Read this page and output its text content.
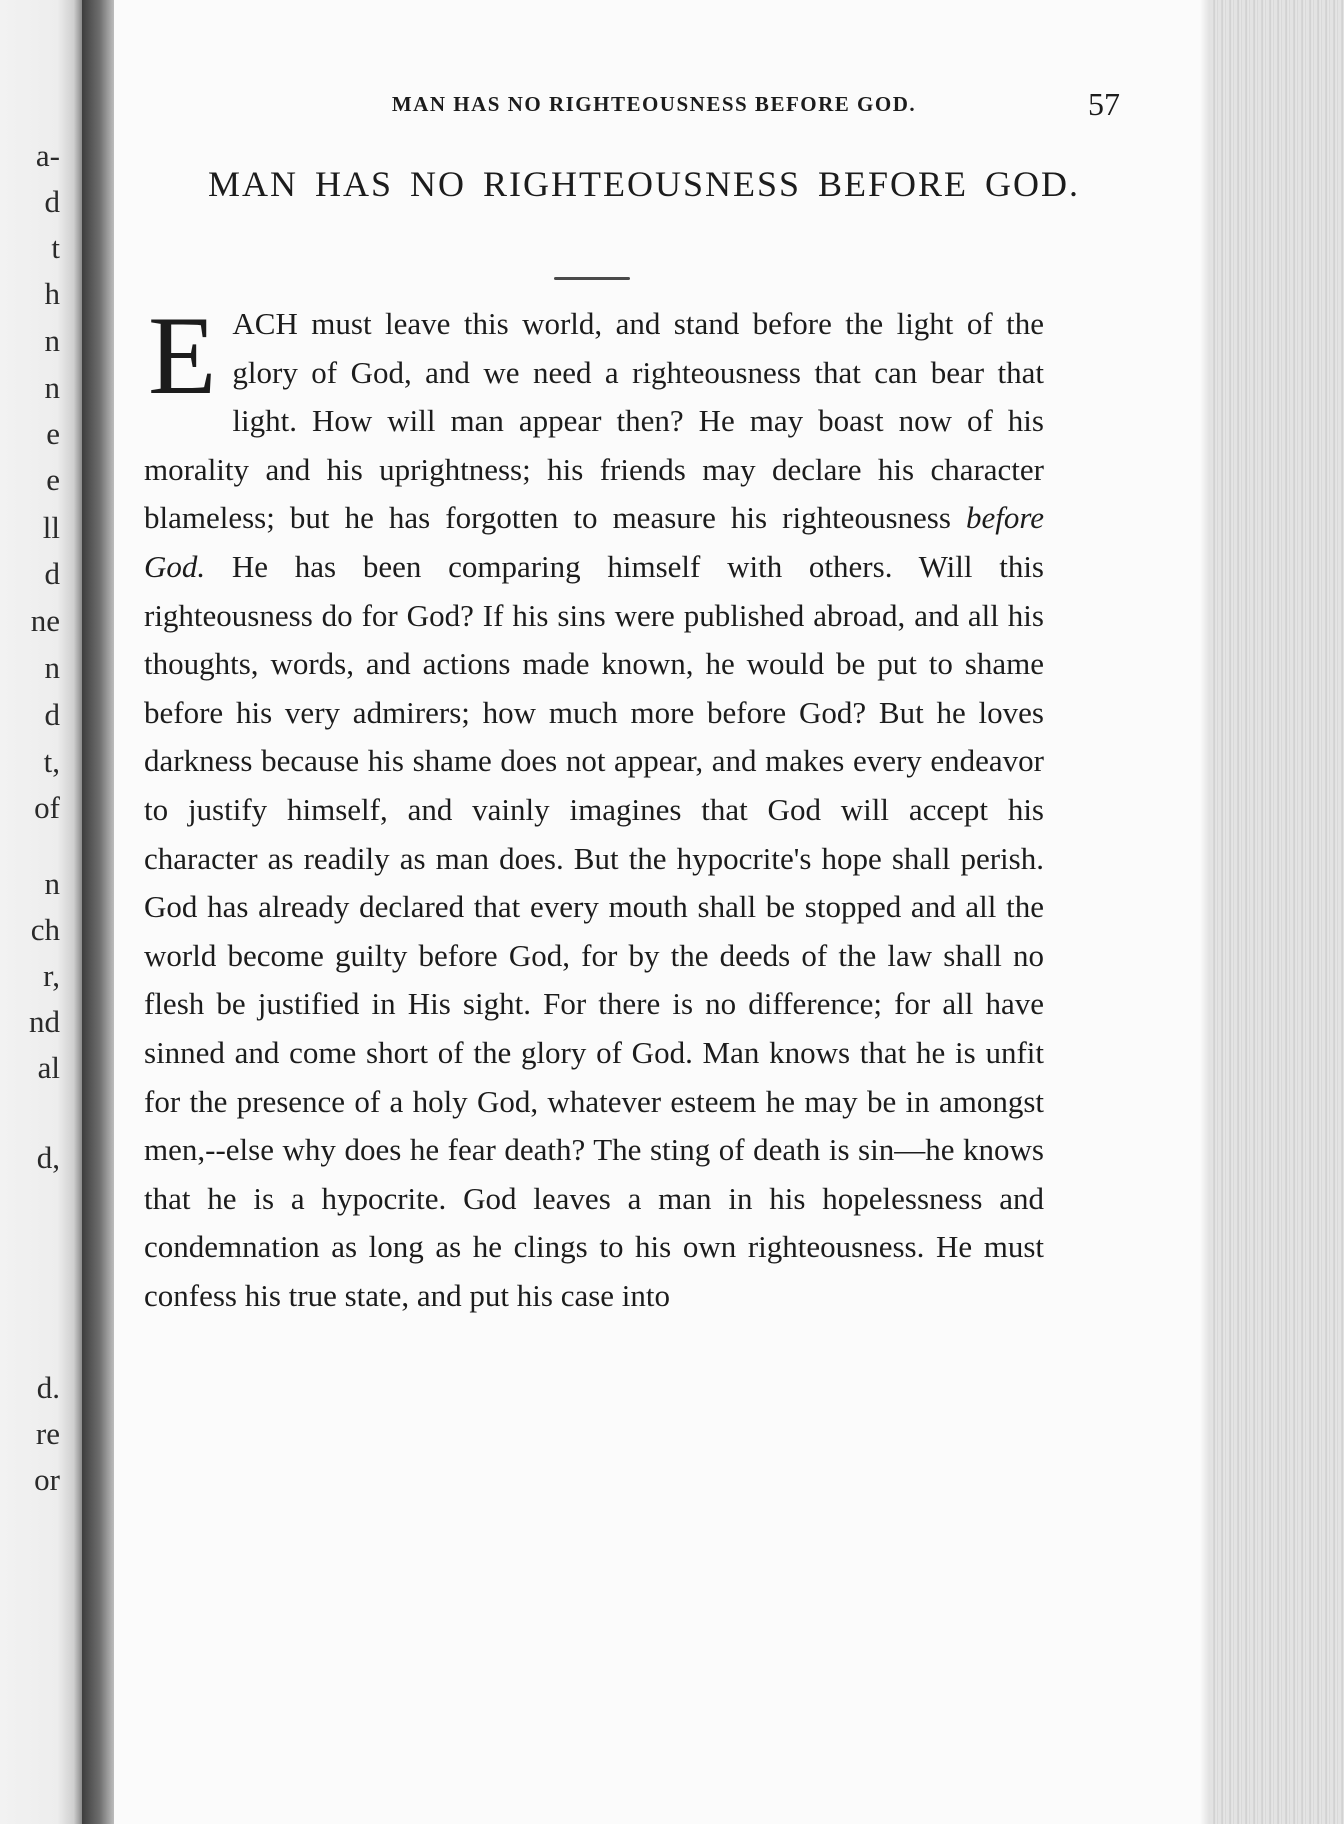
a-
d
t
h
n
n
e
e
ll
d
ne
n
d
t,
of
n
ch
r,
nd
al
d,
d.
re
or
MAN HAS NO RIGHTEOUSNESS BEFORE GOD.	57
MAN HAS NO RIGHTEOUSNESS BEFORE GOD.
EACH must leave this world, and stand before the light of the glory of God, and we need a righteousness that can bear that light. How will man appear then? He may boast now of his morality and his uprightness; his friends may declare his character blameless; but he has forgotten to measure his righteousness before God. He has been comparing himself with others. Will this righteousness do for God? If his sins were published abroad, and all his thoughts, words, and actions made known, he would be put to shame before his very admirers; how much more before God? But he loves darkness because his shame does not appear, and makes every endeavor to justify himself, and vainly imagines that God will accept his character as readily as man does. But the hypocrite's hope shall perish. God has already declared that every mouth shall be stopped and all the world become guilty before God, for by the deeds of the law shall no flesh be justified in His sight. For there is no difference; for all have sinned and come short of the glory of God. Man knows that he is unfit for the presence of a holy God, whatever esteem he may be in amongst men,--else why does he fear death? The sting of death is sin—he knows that he is a hypocrite. God leaves a man in his hopelessness and condemnation as long as he clings to his own righteousness. He must confess his true state, and put his case into
